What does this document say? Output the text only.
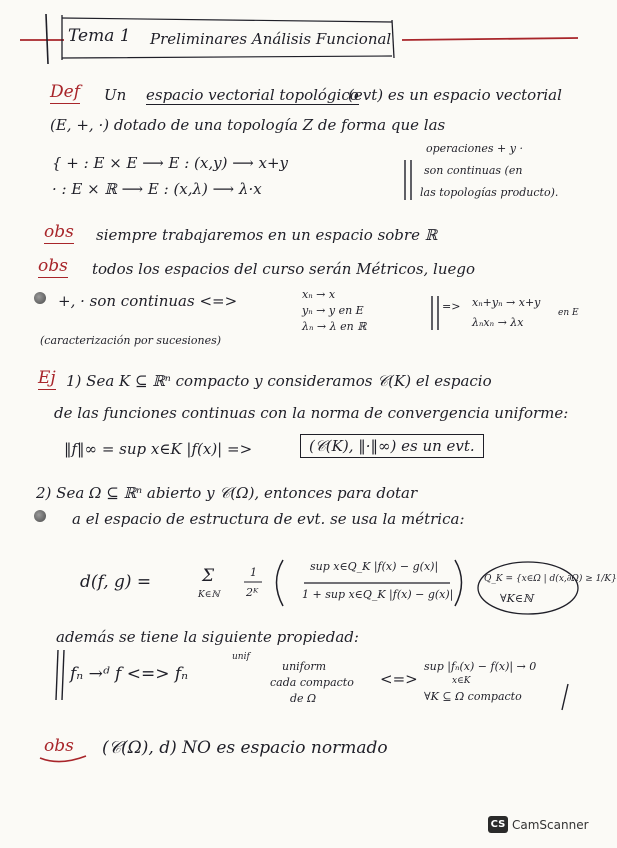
Tema 1 Preliminares Análisis Funcional
Def Un espacio vectorial topológico
(evt) es un espacio vectorial
(E, +, ·) dotado de una topología Z de forma que las
{ + : E × E ⟶ E : (x,y) ⟶ x+y
· : E × ℝ ⟶ E : (x,λ) ⟶ λ·x
operaciones + y ·
son continuas (en
las topologías producto).
obs siempre trabajaremos en un espacio sobre ℝ
obs todos los espacios del curso serán Métricos, luego
+, · son continuas <=>	xₙ → x
yₙ → y en E
λₙ → λ en ℝ
=> xₙ+yₙ → x+y
λₙxₙ → λx
en E
(caracterización por sucesiones)
Ej 1) Sea K ⊆ ℝⁿ compacto y consideramos 𝒞(K) el espacio
de las funciones continuas con la norma de convergencia uniforme:
‖f‖∞ = sup x∈K |f(x)| =>	(𝒞(K), ‖·‖∞) es un evt.
2) Sea Ω ⊆ ℝⁿ abierto y 𝒞(Ω), entonces para dotar
a el espacio de estructura de evt. se usa la métrica:
d(f, g) =	Σ
K∈ℕ
1
2ᴷ
sup x∈Q_K |f(x) − g(x)|
1 + sup x∈Q_K |f(x) − g(x)|
Q_K = {x∈Ω | d(x,∂Ω) ≥ 1/K}
∀K∈ℕ
además se tiene la siguiente propiedad:
fₙ →ᵈ f <=> fₙ
unif
uniform
cada compacto
de Ω
<=>
sup |fₙ(x) − f(x)| → 0
x∈K
∀K ⊆ Ω compacto
obs (𝒞(Ω), d) NO es espacio normado
CS CamScanner
